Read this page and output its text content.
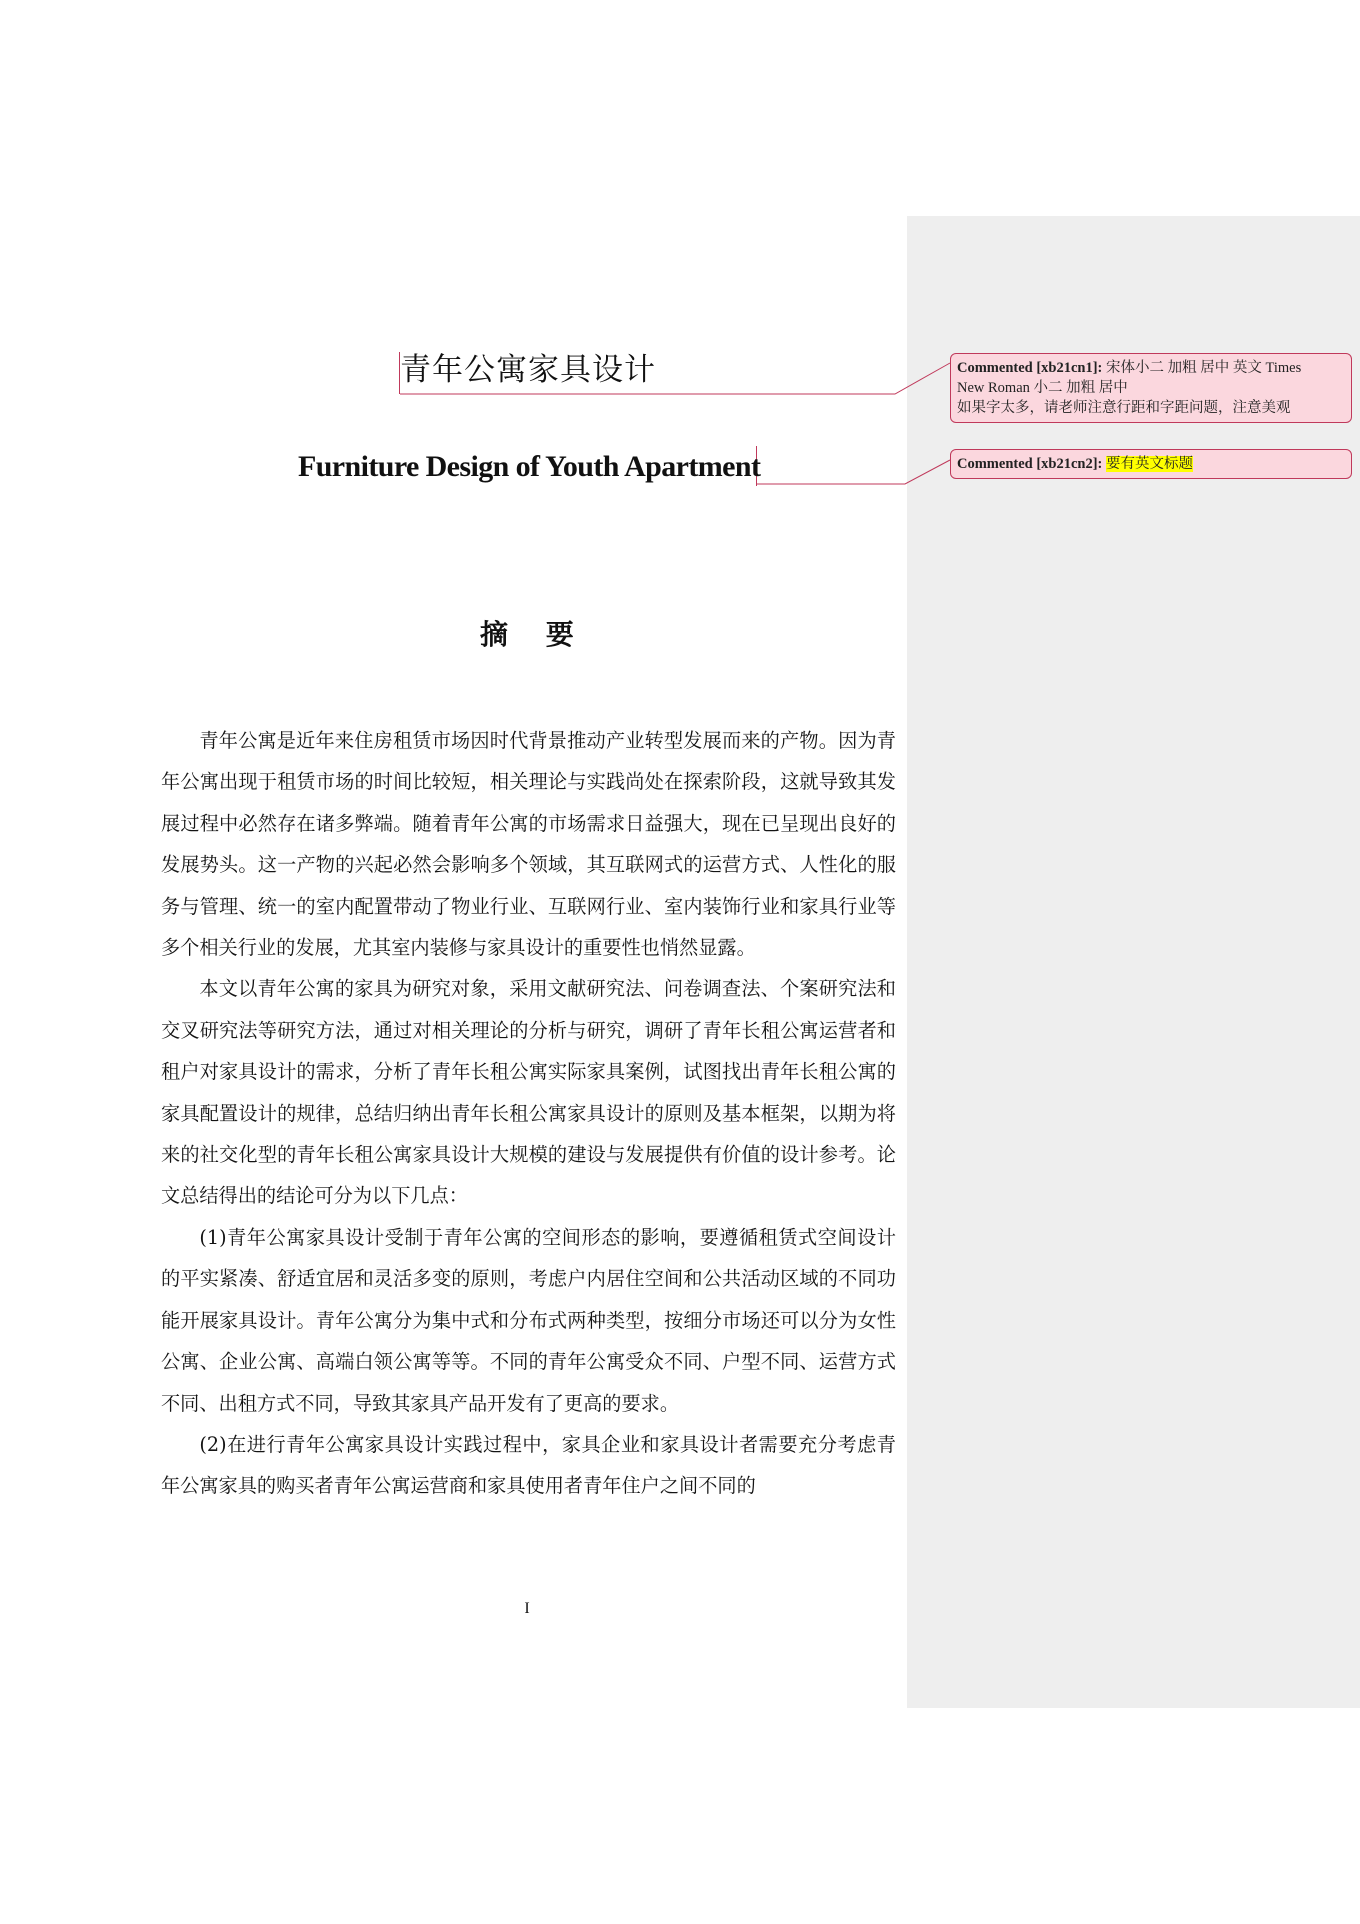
青年公寓家具设计
Furniture Design of Youth Apartment
摘 要

青年公寓是近年来住房租赁市场因时代背景推动产业转型发展而来的产物。因为青年公寓出现于租赁市场的时间比较短，相关理论与实践尚处在探索阶段，这就导致其发展过程中必然存在诸多弊端。随着青年公寓的市场需求日益强大，现在已呈现出良好的发展势头。这一产物的兴起必然会影响多个领域，其互联网式的运营方式、人性化的服务与管理、统一的室内配置带动了物业行业、互联网行业、室内装饰行业和家具行业等多个相关行业的发展，尤其室内装修与家具设计的重要性也悄然显露。

本文以青年公寓的家具为研究对象，采用文献研究法、问卷调查法、个案研究法和交叉研究法等研究方法，通过对相关理论的分析与研究，调研了青年长租公寓运营者和租户对家具设计的需求，分析了青年长租公寓实际家具案例，试图找出青年长租公寓的家具配置设计的规律，总结归纳出青年长租公寓家具设计的原则及基本框架，以期为将来的社交化型的青年长租公寓家具设计大规模的建设与发展提供有价值的设计参考。论文总结得出的结论可分为以下几点：

(1)青年公寓家具设计受制于青年公寓的空间形态的影响，要遵循租赁式空间设计的平实紧凑、舒适宜居和灵活多变的原则，考虑户内居住空间和公共活动区域的不同功能开展家具设计。青年公寓分为集中式和分布式两种类型，按细分市场还可以分为女性公寓、企业公寓、高端白领公寓等等。不同的青年公寓受众不同、户型不同、运营方式不同、出租方式不同，导致其家具产品开发有了更高的要求。

(2)在进行青年公寓家具设计实践过程中，家具企业和家具设计者需要充分考虑青年公寓家具的购买者青年公寓运营商和家具使用者青年住户之间不同的

I
Commented [xb21cn1]: 宋体小二 加粗 居中 英文 Times
New Roman 小二 加粗 居中
如果字太多，请老师注意行距和字距问题，注意美观
Commented [xb21cn2]: 要有英文标题
